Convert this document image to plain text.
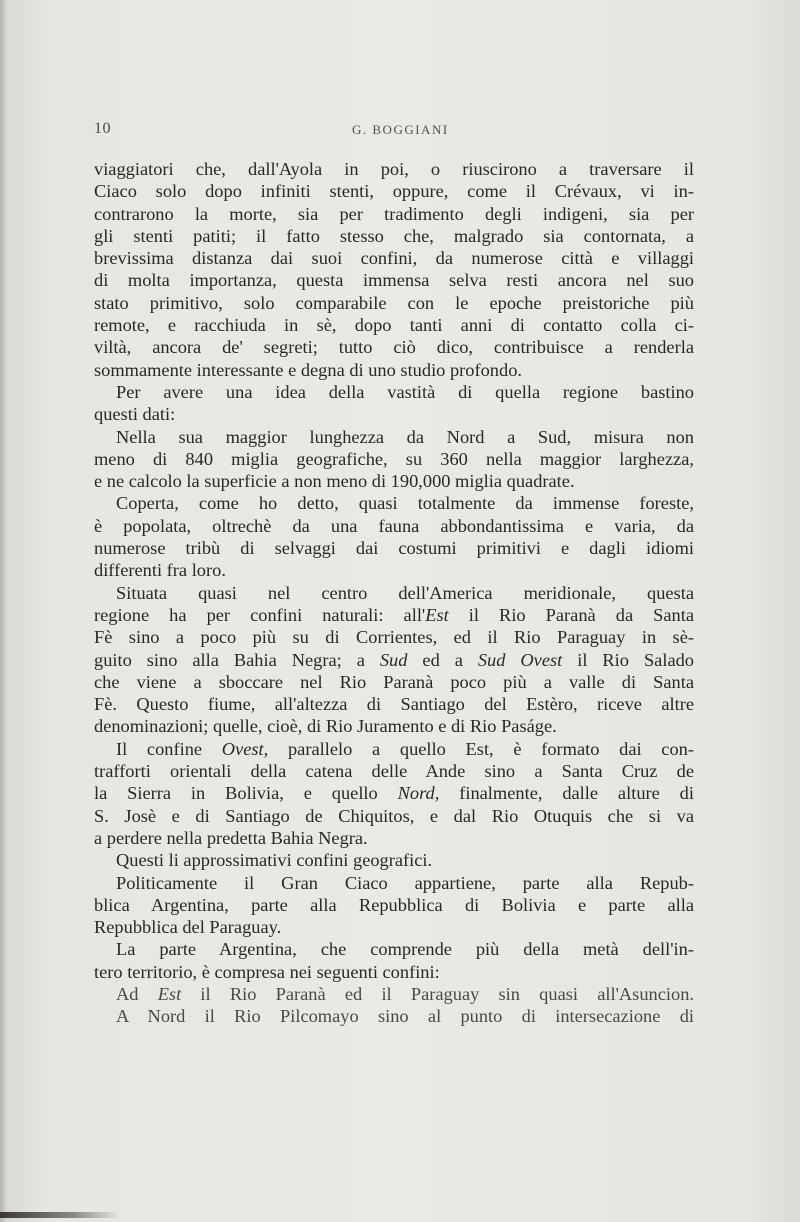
10	G. BOGGIANI
viaggiatori che, dall'Ayola in poi, o riuscirono a traversare il
Ciaco solo dopo infiniti stenti, oppure, come il Crévaux, vi in-
contrarono la morte, sia per tradimento degli indigeni, sia per
gli stenti patiti; il fatto stesso che, malgrado sia contornata, a
brevissima distanza dai suoi confini, da numerose città e villaggi
di molta importanza, questa immensa selva resti ancora nel suo
stato primitivo, solo comparabile con le epoche preistoriche più
remote, e racchiuda in sè, dopo tanti anni di contatto colla ci-
viltà, ancora de' segreti; tutto ciò dico, contribuisce a renderla
sommamente interessante e degna di uno studio profondo.
Per avere una idea della vastità di quella regione bastino
questi dati:
Nella sua maggior lunghezza da Nord a Sud, misura non
meno di 840 miglia geografiche, su 360 nella maggior larghezza,
e ne calcolo la superficie a non meno di 190,000 miglia quadrate.
Coperta, come ho detto, quasi totalmente da immense foreste,
è popolata, oltrechè da una fauna abbondantissima e varia, da
numerose tribù di selvaggi dai costumi primitivi e dagli idiomi
differenti fra loro.
Situata quasi nel centro dell'America meridionale, questa
regione ha per confini naturali: all'Est il Rio Paranà da Santa
Fè sino a poco più su di Corrientes, ed il Rio Paraguay in sè-
guito sino alla Bahia Negra; a Sud ed a Sud Ovest il Rio Salado
che viene a sboccare nel Rio Paranà poco più a valle di Santa
Fè. Questo fiume, all'altezza di Santiago del Estèro, riceve altre
denominazioni; quelle, cioè, di Rio Juramento e di Rio Paságe.
Il confine Ovest, parallelo a quello Est, è formato dai con-
trafforti orientali della catena delle Ande sino a Santa Cruz de
la Sierra in Bolivia, e quello Nord, finalmente, dalle alture di
S. Josè e di Santiago de Chiquitos, e dal Rio Otuquis che si va
a perdere nella predetta Bahia Negra.
Questi li approssimativi confini geografici.
Politicamente il Gran Ciaco appartiene, parte alla Repub-
blica Argentina, parte alla Repubblica di Bolivia e parte alla
Repubblica del Paraguay.
La parte Argentina, che comprende più della metà dell'in-
tero territorio, è compresa nei seguenti confini:
Ad Est il Rio Paranà ed il Paraguay sin quasi all'Asuncion.
A Nord il Rio Pilcomayo sino al punto di intersecazione di
